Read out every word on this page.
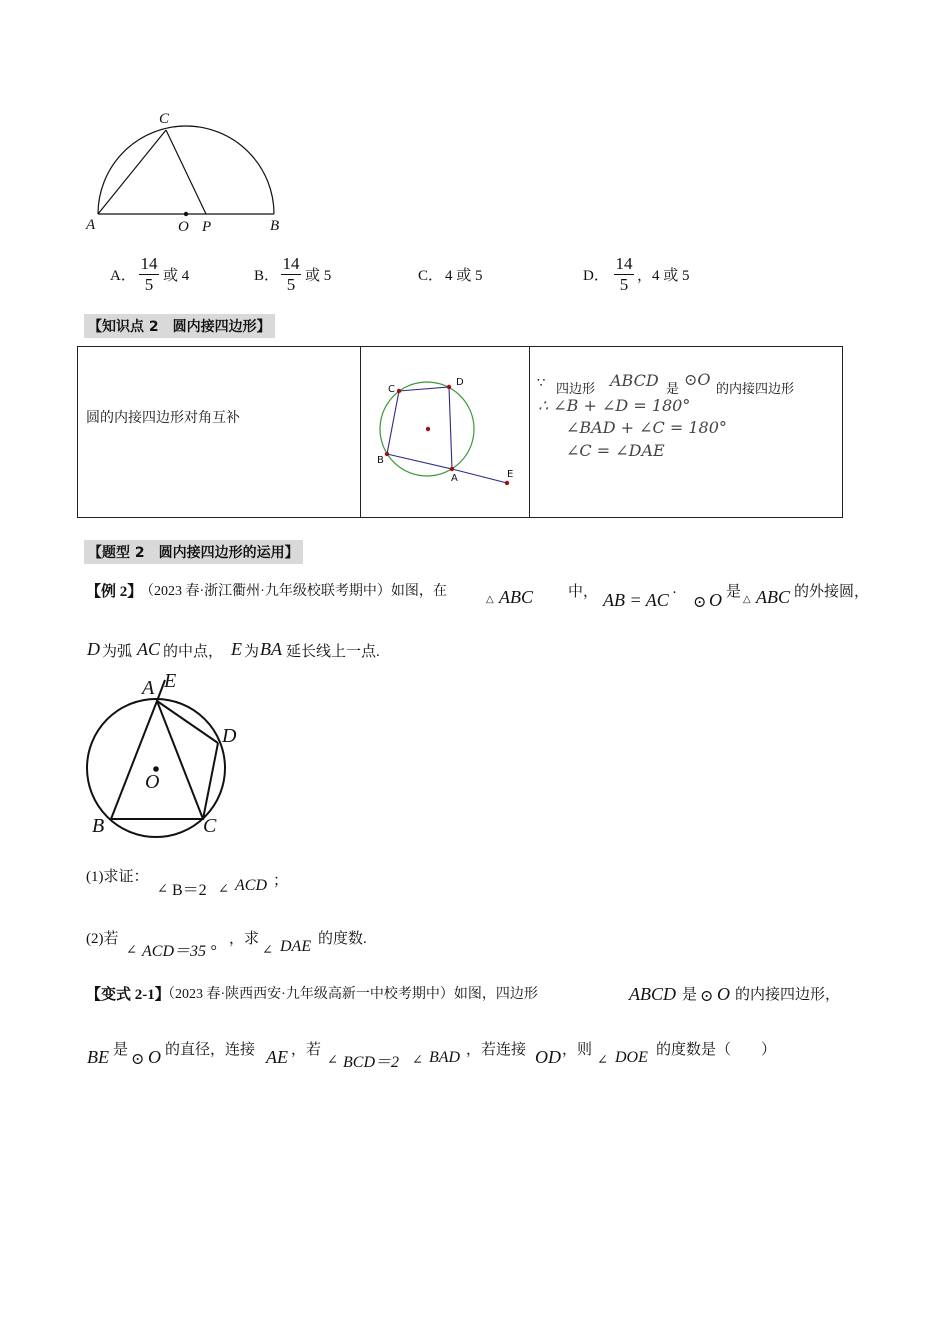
C
A	O P	B
A．
14
5 或 4	B．
14
5 或 5	C． 4 或 5	D．
14
5 ，4 或 5
【知识点 2　圆内接四边形】
圆的内接四边形对角互补
C
D
B
A	E
∵ 四边形 ABCD 是
⊙O
的内接四边形
∴ ∠B + ∠D = 180°
∠BAD + ∠C = 180°
∠C = ∠DAE
【题型 2　圆内接四边形的运用】
【例 2】
（2023 春·浙江衢州·九年级校联考期中）如图，在
△ ABC 中， AB = AC ·
⊙ O 是 △ ABC 的外接圆，
D 为弧 AC 的中点， E 为 BA 延长线上一点.
A E
D
O
B	C
(1)求证：
∠ B＝2 ∠ ACD ；
(2)若
∠ ACD＝35 °
，求
∠ DAE 的度数.
【变式 2-1】
（2023 春·陕西西安·九年级高新一中校考期中）如图，四边形	ABCD 是 ⊙ O 的内接四边形，
BE 是
⊙ O 的直径，连接 AE ，若
∠ BCD＝2 ∠ BAD ，若连接 OD ，则
∠ DOE 的度数是（　　）
